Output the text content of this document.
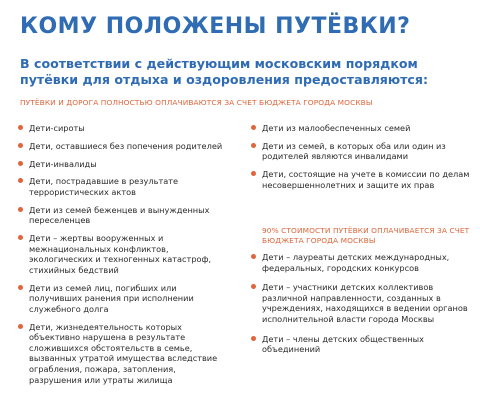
КОМУ ПОЛОЖЕНЫ ПУТЁВКИ?
В соответствии с действующим московским порядком путёвки для отдыха и оздоровления предоставляются:
ПУТЁВКИ И ДОРОГА ПОЛНОСТЬЮ ОПЛАЧИВАЮТСЯ ЗА СЧЕТ БЮДЖЕТА ГОРОДА МОСКВЫ
Дети-сироты
Дети, оставшиеся без попечения родителей
Дети-инвалиды
Дети, пострадавшие в результате террористических актов
Дети из семей беженцев и вынужденных переселенцев
Дети – жертвы вооруженных и межнациональных конфликтов, экологических и техногенных катастроф, стихийных бедствий
Дети из семей лиц, погибших или получивших ранения при исполнении служебного долга
Дети, жизнедеятельность которых объективно нарушена в результате сложившихся обстоятельств в семье, вызванных утратой имущества вследствие ограбления, пожара, затопления, разрушения или утраты жилища
Дети из малообеспеченных семей
Дети из семей, в которых оба или один из родителей являются инвалидами
Дети, состоящие на учете в комиссии по делам несовершеннолетних и защите их прав
90% СТОИМОСТИ ПУТЁВКИ ОПЛАЧИВАЕТСЯ ЗА СЧЕТ БЮДЖЕТА ГОРОДА МОСКВЫ
Дети – лауреаты детских международных, федеральных, городских конкурсов
Дети – участники детских коллективов различной направленности, созданных в учреждениях, находящихся в ведении органов исполнительной власти города Москвы
Дети – члены детских общественных объединений
